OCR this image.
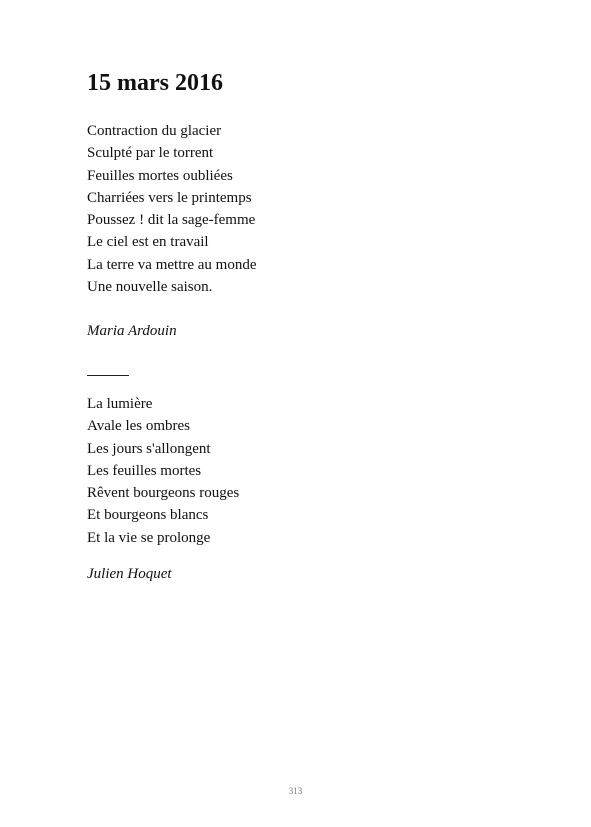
15 mars 2016
Contraction du glacier
Sculpté par le torrent
Feuilles mortes oubliées
Charriées vers le printemps
Poussez ! dit la sage-femme
Le ciel est en travail
La terre va mettre au monde
Une nouvelle saison.
Maria Ardouin
La lumière
Avale les ombres
Les jours s'allongent
Les feuilles mortes
Rêvent bourgeons rouges
Et bourgeons blancs
Et la vie se prolonge
Julien Hoquet
313
